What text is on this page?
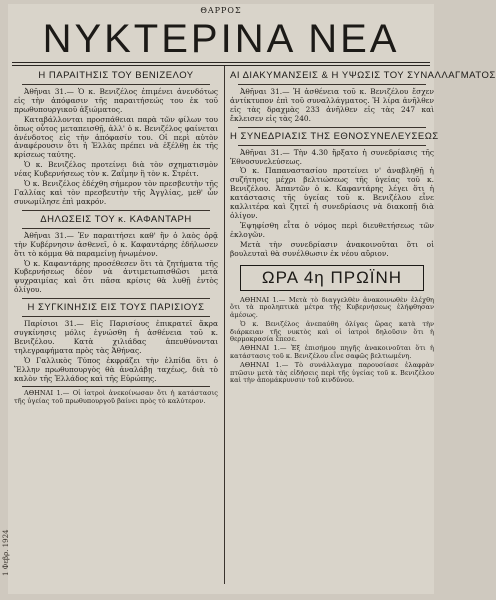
ΘΑΡΡΟΣ
ΝΥΚΤΕΡΙΝΑ ΝΕΑ
Η ΠΑΡΑΙΤΗΣΙΣ ΤΟΥ ΒΕΝΙΖΕΛΟΥ

Ἀθῆναι 31.— Ὁ κ. Βενιζέλος ἐπιμένει ἀνενδότως εἰς τὴν ἀπόφασιν τῆς παραιτήσεώς του ἐκ τοῦ πρωθυπουργικοῦ ἀξιώματος.

Καταβάλλονται προσπάθειαι παρὰ τῶν φίλων του ὅπως οὗτος μεταπεισθῇ, ἀλλ' ὁ κ. Βενιζέλος φαίνεται ἀνένδοτος εἰς τὴν ἀπόφασίν του. Οἱ περὶ αὐτὸν ἀναφέρουσιν ὅτι ἡ Ἑλλὰς πρέπει νὰ ἐξέλθῃ ἐκ τῆς κρίσεως ταύτης.

Ὁ κ. Βενιζέλος προτείνει διὰ τὸν σχηματισμὸν νέας Κυβερνήσεως τὸν κ. Ζαΐμην ἢ τὸν κ. Στρέιτ.

Ὁ κ. Βενιζέλος ἐδέχθη σήμερον τὸν πρεσβευτὴν τῆς Γαλλίας καὶ τὸν πρεσβευτὴν τῆς Ἀγγλίας, μεθ' ὧν συνωμίλησε ἐπὶ μακρόν.

ΔΗΛΩΣΕΙΣ ΤΟΥ κ. ΚΑΦΑΝΤΑΡΗ

Ἀθῆναι 31.— Ἐν παραιτήσει καθ' ἣν ὁ λαὸς ὁρᾷ τὴν Κυβέρνησιν ἀσθενεῖ, ὁ κ. Καφαντάρης ἐδήλωσεν ὅτι τὸ κόμμα θὰ παραμείνῃ ἡνωμένον.

Ὁ κ. Καφαντάρης προσέθεσεν ὅτι τὰ ζητήματα τῆς Κυβερνήσεως δέον νὰ ἀντιμετωπισθῶσι μετὰ ψυχραιμίας καὶ ὅτι πᾶσα κρίσις θὰ λυθῇ ἐντὸς ὀλίγου.

Η ΣΥΓΚΙΝΗΣΙΣ ΕΙΣ ΤΟΥΣ ΠΑΡΙΣΙΟΥΣ

Παρίσιοι 31.— Εἰς Παρισίους ἐπικρατεῖ ἄκρα συγκίνησις μόλις ἐγνώσθη ἡ ἀσθένεια τοῦ κ. Βενιζέλου. Κατὰ χιλιάδας ἀπευθύνονται τηλεγραφήματα πρὸς τὰς Ἀθήνας.

Ὁ Γαλλικὸς Τύπος ἐκφράζει τὴν ἐλπίδα ὅτι ὁ Ἕλλην πρωθυπουργὸς θὰ ἀναλάβῃ ταχέως, διὰ τὸ καλὸν τῆς Ἑλλάδος καὶ τῆς Εὐρώπης.

ΑΘΗΝΑΙ 1.— Οἱ ἰατροὶ ἀνεκοίνωσαν ὅτι ἡ κατάστασις τῆς ὑγείας τοῦ πρωθυπουργοῦ βαίνει πρὸς τὸ καλύτερον.

ΑΙ ΔΙΑΚΥΜΑΝΣΕΙΣ & Η ΥΨΩΣΙΣ ΤΟΥ ΣΥΝΑΛΛΑΓΜΑΤΟΣ

Ἀθῆναι 31.— Ἡ ἀσθένεια τοῦ κ. Βενιζέλου ἔσχεν ἀντίκτυπον ἐπὶ τοῦ συναλλάγματος. Ἡ λίρα ἀνῆλθεν εἰς τὰς δραχμὰς 233 ἀνῆλθεν εἰς τὰς 247 καὶ ἔκλεισεν εἰς τὰς 240.

Η ΣΥΝΕΔΡΙΑΣΙΣ ΤΗΣ ΕΘΝΟΣΥΝΕΛΕΥΣΕΩΣ

Ἀθῆναι 31.— Τὴν 4.30 ἤρξατο ἡ συνεδρίασις τῆς Ἐθνοσυνελεύσεως.

Ὁ κ. Παπαναστασίου προτείνει ν' ἀναβληθῇ ἡ συζήτησις μέχρι βελτιώσεως τῆς ὑγείας τοῦ κ. Βενιζέλου. Ἀπαντῶν ὁ κ. Καφαντάρης λέγει ὅτι ἡ κατάστασις τῆς ὑγείας τοῦ κ. Βενιζέλου εἶνε καλλιτέρα καὶ ζητεῖ ἡ συνεδρίασις νὰ διακοπῇ διὰ ὀλίγον.

Ἐψηφίσθη εἶτα ὁ νόμος περὶ διευθετήσεως τῶν ἐκλογῶν.

Μετὰ τὴν συνεδρίασιν ἀνακοινοῦται ὅτι οἱ βουλευταὶ θὰ συνέλθωσιν ἐκ νέου αὔριον.

ΩΡΑ 4η ΠΡΩΪΝΗ

ΑΘΗΝΑΙ 1.— Μετὰ τὸ διαγγελθὲν ἀνακοινωθὲν ἐλέχθη ὅτι τὰ προληπτικὰ μέτρα τῆς Κυβερνήσεως ἐλήφθησαν ἀμέσως.

Ὁ κ. Βενιζέλος ἀνεπαύθη ὀλίγας ὥρας κατὰ τὴν διάρκειαν τῆς νυκτὸς καὶ οἱ ἰατροὶ δηλοῦσιν ὅτι ἡ θερμοκρασία ἔπεσε.

ΑΘΗΝΑΙ 1.— Ἐξ ἐπισήμου πηγῆς ἀνακοινοῦται ὅτι ἡ κατάστασις τοῦ κ. Βενιζέλου εἶνε σαφῶς βελτιωμένη.

ΑΘΗΝΑΙ 1.— Τὸ συνάλλαγμα παρουσίασε ἐλαφρὰν πτῶσιν μετὰ τὰς εἰδήσεις περὶ τῆς ὑγείας τοῦ κ. Βενιζέλου καὶ τὴν ἀπομάκρυνσιν τοῦ κινδύνου.

1 Φεβρ. 1924
